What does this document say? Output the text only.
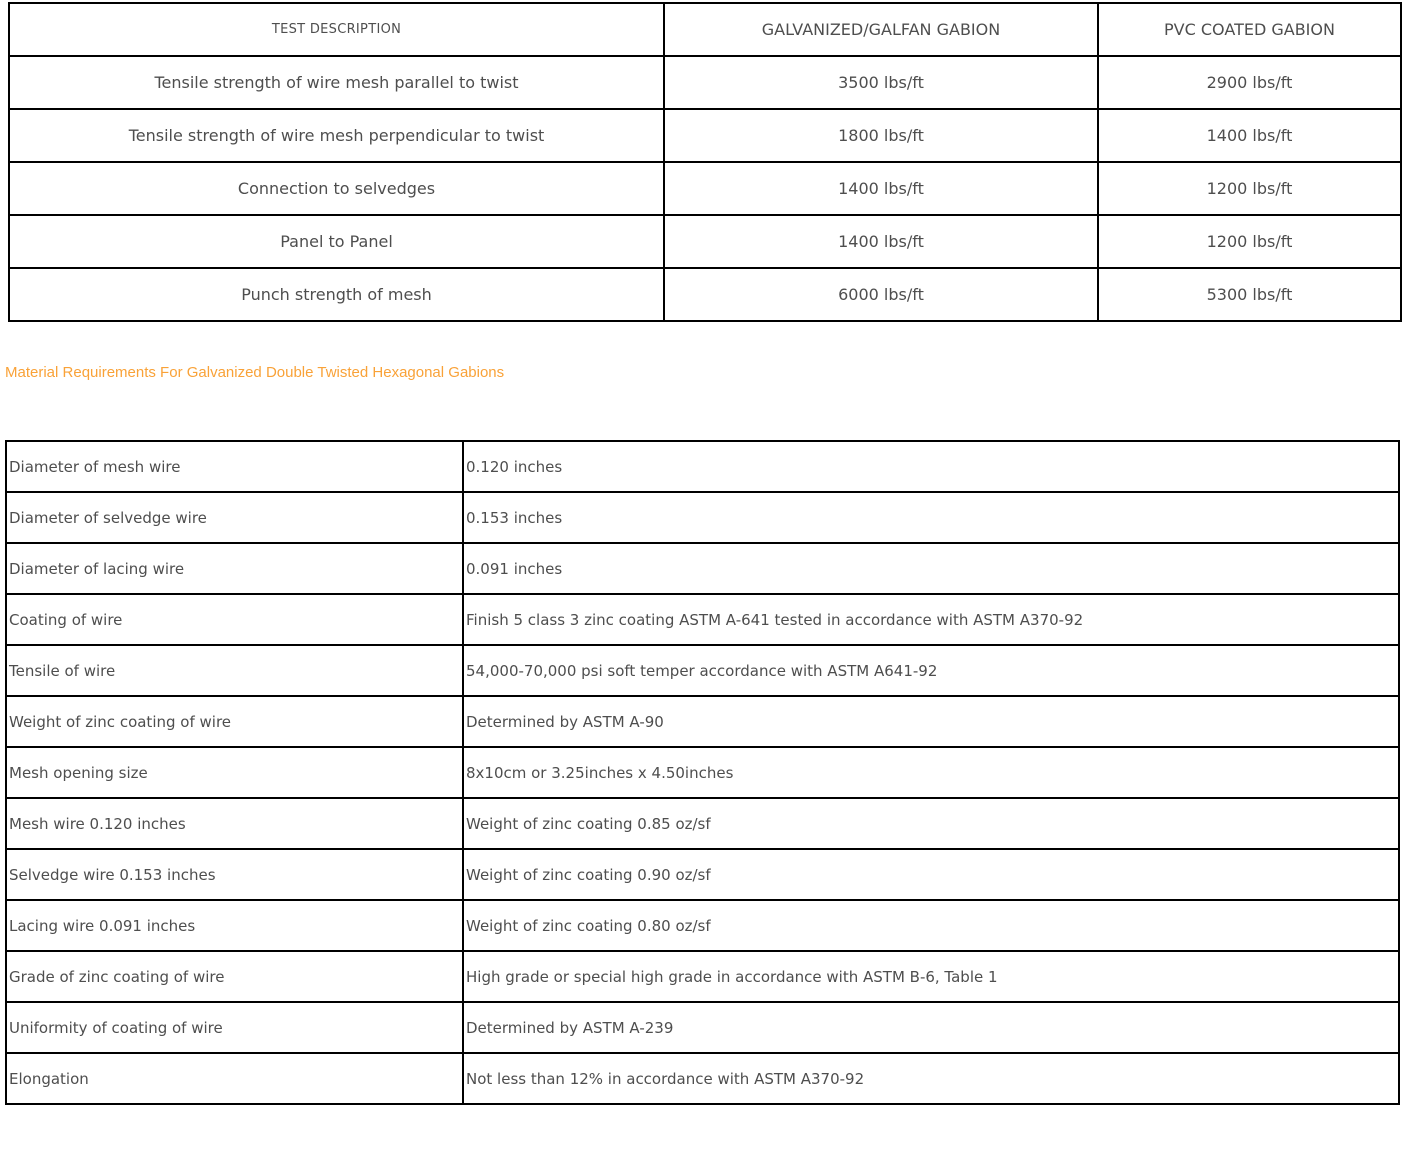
TEST DESCRIPTION	GALVANIZED/GALFAN GABION	PVC COATED GABION
Tensile strength of wire mesh parallel to twist	3500 lbs/ft	2900 lbs/ft
Tensile strength of wire mesh perpendicular to twist	1800 lbs/ft	1400 lbs/ft
Connection to selvedges	1400 lbs/ft	1200 lbs/ft
Panel to Panel	1400 lbs/ft	1200 lbs/ft
Punch strength of mesh	6000 lbs/ft	5300 lbs/ft
Material Requirements For Galvanized Double Twisted Hexagonal Gabions
Diameter of mesh wire	0.120 inches
Diameter of selvedge wire	0.153 inches
Diameter of lacing wire	0.091 inches
Coating of wire	Finish 5 class 3 zinc coating ASTM A-641 tested in accordance with ASTM A370-92
Tensile of wire	54,000-70,000 psi soft temper accordance with ASTM A641-92
Weight of zinc coating of wire	Determined by ASTM A-90
Mesh opening size	8x10cm or 3.25inches x 4.50inches
Mesh wire 0.120 inches	Weight of zinc coating 0.85 oz/sf
Selvedge wire 0.153 inches	Weight of zinc coating 0.90 oz/sf
Lacing wire 0.091 inches	Weight of zinc coating 0.80 oz/sf
Grade of zinc coating of wire	High grade or special high grade in accordance with ASTM B-6, Table 1
Uniformity of coating of wire	Determined by ASTM A-239
Elongation	Not less than 12% in accordance with ASTM A370-92
